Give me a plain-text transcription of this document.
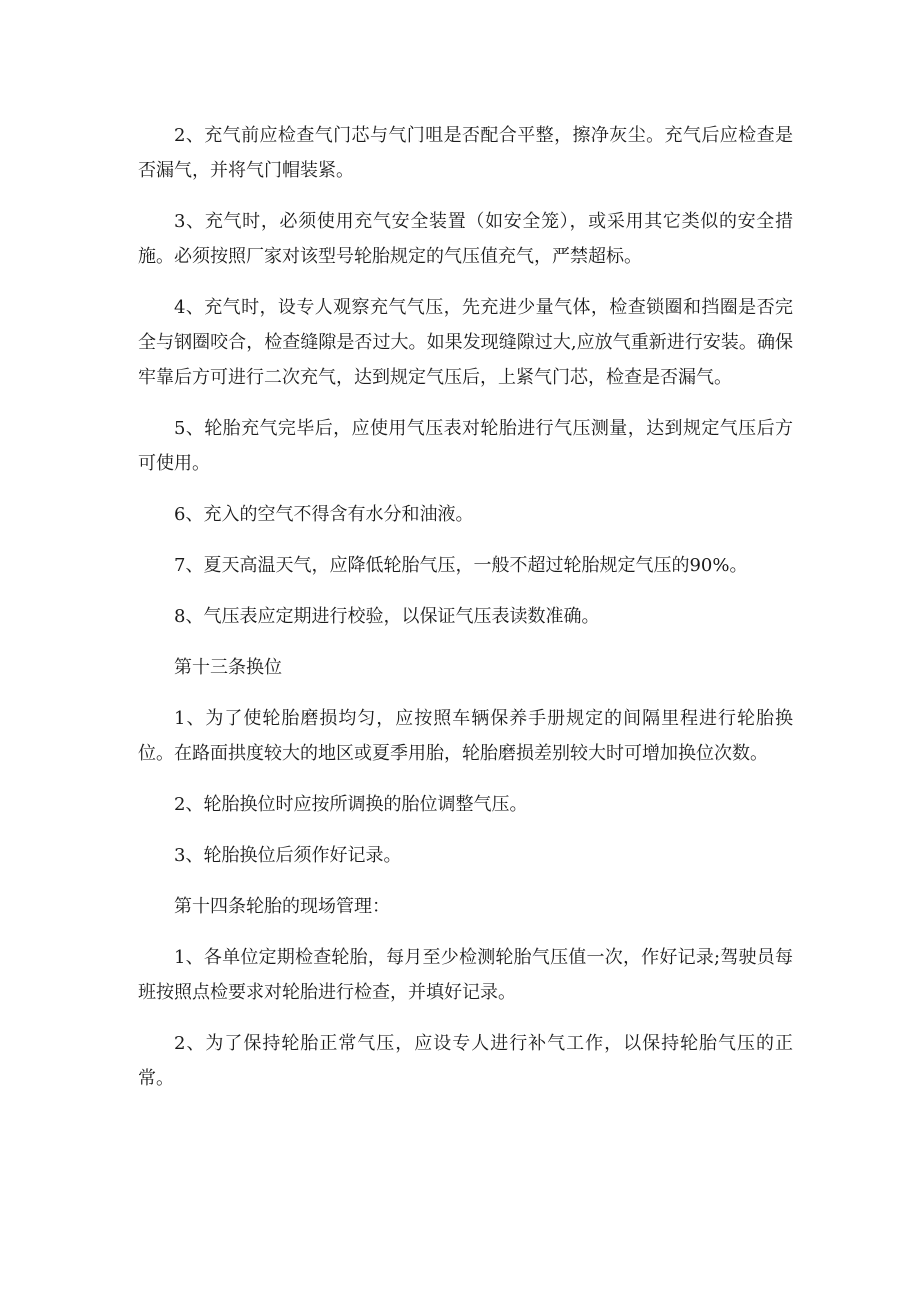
2、充气前应检查气门芯与气门咀是否配合平整，擦净灰尘。充气后应检查是否漏气，并将气门帽装紧。

3、充气时，必须使用充气安全装置（如安全笼），或采用其它类似的安全措施。必须按照厂家对该型号轮胎规定的气压值充气，严禁超标。

4、充气时，设专人观察充气气压，先充进少量气体，检查锁圈和挡圈是否完全与钢圈咬合，检查缝隙是否过大。如果发现缝隙过大,应放气重新进行安装。确保牢靠后方可进行二次充气，达到规定气压后，上紧气门芯，检查是否漏气。

5、轮胎充气完毕后，应使用气压表对轮胎进行气压测量，达到规定气压后方可使用。

6、充入的空气不得含有水分和油液。

7、夏天高温天气，应降低轮胎气压，一般不超过轮胎规定气压的90%。

8、气压表应定期进行校验，以保证气压表读数准确。

第十三条换位

1、为了使轮胎磨损均匀，应按照车辆保养手册规定的间隔里程进行轮胎换位。在路面拱度较大的地区或夏季用胎，轮胎磨损差别较大时可增加换位次数。

2、轮胎换位时应按所调换的胎位调整气压。

3、轮胎换位后须作好记录。

第十四条轮胎的现场管理：

1、各单位定期检查轮胎，每月至少检测轮胎气压值一次，作好记录;驾驶员每班按照点检要求对轮胎进行检查，并填好记录。

2、为了保持轮胎正常气压，应设专人进行补气工作，以保持轮胎气压的正常。
